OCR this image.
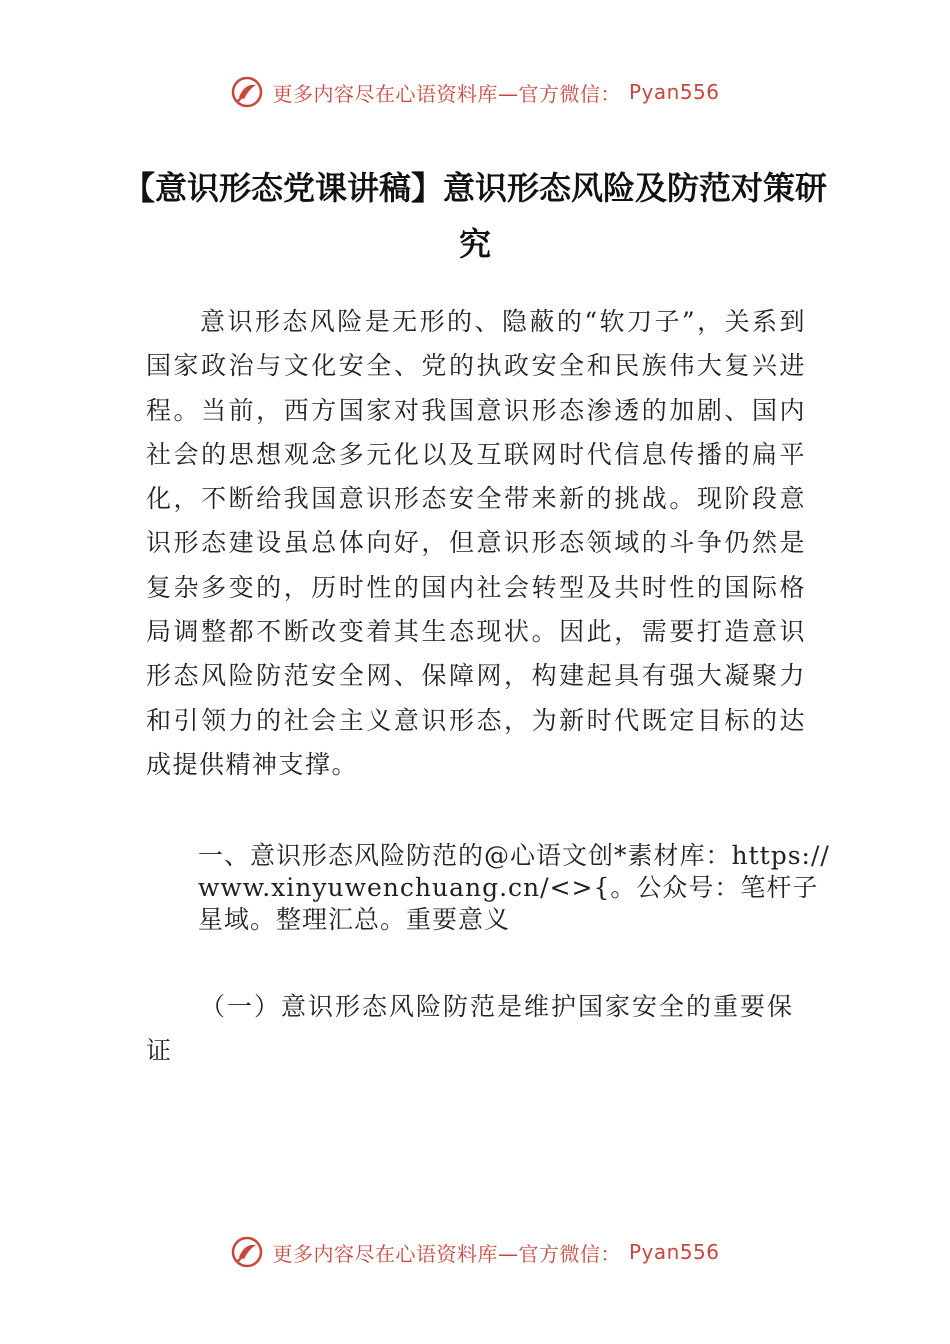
更多内容尽在心语资料库—官方微信： Pyan556
【意识形态党课讲稿】意识形态风险及防范对策研究
意识形态风险是无形的、隐蔽的“软刀子”，关系到国家政治与文化安全、党的执政安全和民族伟大复兴进程。当前，西方国家对我国意识形态渗透的加剧、国内社会的思想观念多元化以及互联网时代信息传播的扁平化，不断给我国意识形态安全带来新的挑战。现阶段意识形态建设虽总体向好，但意识形态领域的斗争仍然是复杂多变的，历时性的国内社会转型及共时性的国际格局调整都不断改变着其生态现状。因此，需要打造意识形态风险防范安全网、保障网，构建起具有强大凝聚力和引领力的社会主义意识形态，为新时代既定目标的达成提供精神支撑。
一、意识形态风险防范的@心语文创*素材库：https://www.xinyuwenchuang.cn/<>{。公众号：笔杆子星域。整理汇总。重要意义
（一）意识形态风险防范是维护国家安全的重要保证
更多内容尽在心语资料库—官方微信： Pyan556
